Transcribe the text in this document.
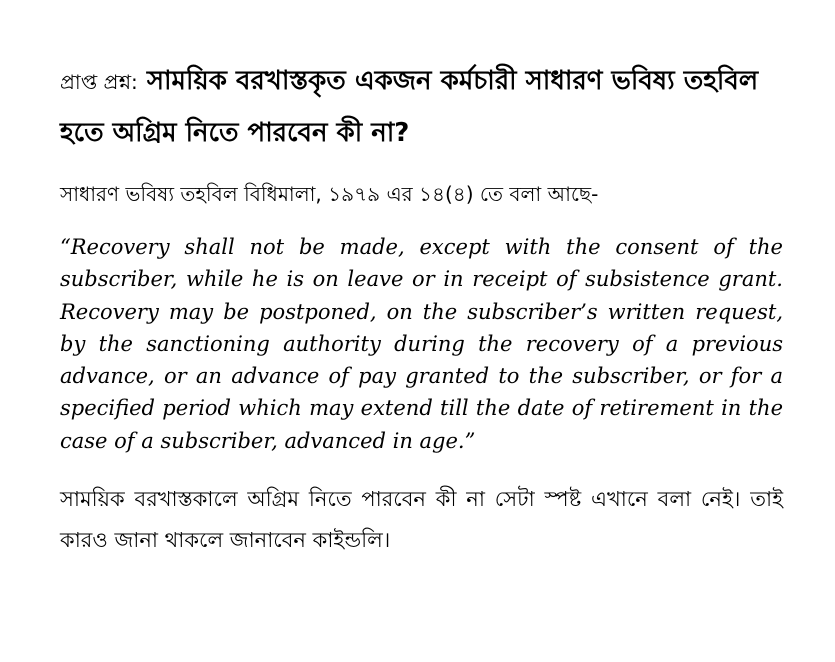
প্রাপ্ত প্রশ্ন: সাময়িক বরখাস্তকৃত একজন কর্মচারী সাধারণ ভবিষ্য তহবিল হতে অগ্রিম নিতে পারবেন কী না?

সাধারণ ভবিষ্য তহবিল বিধিমালা, ১৯৭৯ এর ১৪(৪) তে বলা আছে-

“Recovery shall not be made, except with the consent of the subscriber, while he is on leave or in receipt of subsistence grant. Recovery may be postponed, on the subscriber’s written request, by the sanctioning authority during the recovery of a previous advance, or an advance of pay granted to the subscriber, or for a specified period which may extend till the date of retirement in the case of a subscriber, advanced in age.”

সাময়িক বরখাস্তকালে অগ্রিম নিতে পারবেন কী না সেটা স্পষ্ট এখানে বলা নেই। তাই কারও জানা থাকলে জানাবেন কাইন্ডলি।
